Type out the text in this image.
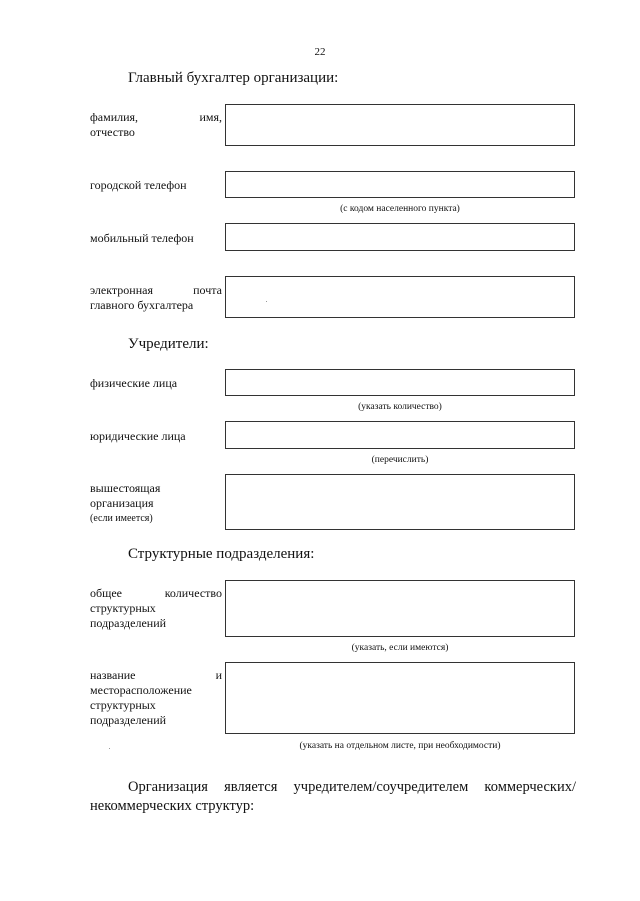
22
Главный бухгалтер организации:
фамилия, имя,
отчество
городской телефон
(с кодом населенного пункта)
мобильный телефон
электронная почта
главного бухгалтера
Учредители:
физические лица
(указать количество)
юридические лица
(перечислить)
вышестоящая
организация
(если имеется)
Структурные подразделения:
общее количество
структурных
подразделений
(указать, если имеются)
название и
месторасположение
структурных
подразделений
(указать на отдельном листе, при необходимости)
Организация является учредителем/соучредителем коммерческих/
некоммерческих структур:
